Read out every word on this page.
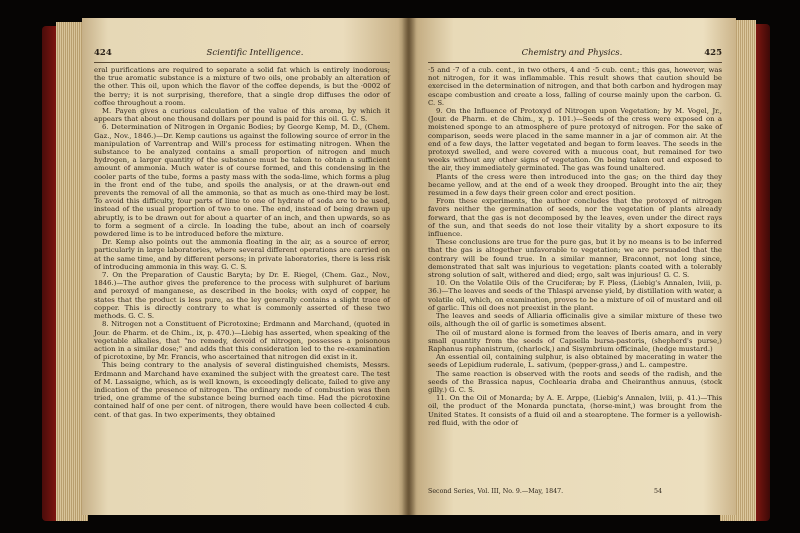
424	Scientific Intelligence.

eral purifications are required to separate a solid fat which is entirely inodorous; the true aromatic substance is a mixture of two oils, one probably an alteration of the other. This oil, upon which the flavor of the coffee depends, is but the ·0002 of the berry; it is not surprising, therefore, that a single drop diffuses the odor of coffee throughout a room.

M. Payen gives a curious calculation of the value of this aroma, by which it appears that about one thousand dollars per pound is paid for this oil. G. C. S.

6. Determination of Nitrogen in Organic Bodies; by George Kemp, M. D., (Chem. Gaz., Nov., 1846.)—Dr. Kemp cautions us against the following source of error in the manipulation of Varrentrap and Will's process for estimating nitrogen. When the substance to be analyzed contains a small proportion of nitrogen and much hydrogen, a larger quantity of the substance must be taken to obtain a sufficient amount of ammonia. Much water is of course formed, and this condensing in the cooler parts of the tube, forms a pasty mass with the soda-lime, which forms a plug in the front end of the tube, and spoils the analysis, or at the drawn-out end prevents the removal of all the ammonia, so that as much as one-third may be lost. To avoid this difficulty, four parts of lime to one of hydrate of soda are to be used, instead of the usual proportion of two to one. The end, instead of being drawn up abruptly, is to be drawn out for about a quarter of an inch, and then upwards, so as to form a segment of a circle. In loading the tube, about an inch of coarsely powdered lime is to be introduced before the mixture.

Dr. Kemp also points out the ammonia floating in the air, as a source of error, particularly in large laboratories, where several different operations are carried on at the same time, and by different persons; in private laboratories, there is less risk of introducing ammonia in this way. G. C. S.

7. On the Preparation of Caustic Baryta; by Dr. E. Riegel, (Chem. Gaz., Nov., 1846.)—The author gives the preference to the process with sulphuret of barium and peroxyd of manganese, as described in the books; with oxyd of copper, he states that the product is less pure, as the ley generally contains a slight trace of copper. This is directly contrary to what is commonly asserted of these two methods. G. C. S.

8. Nitrogen not a Constituent of Picrotoxine; Erdmann and Marchand, (quoted in Jour. de Pharm. et de Chim., ix, p. 470.)—Liebig has asserted, when speaking of the vegetable alkalies, that "no remedy, devoid of nitrogen, possesses a poisonous action in a similar dose;" and adds that this consideration led to the re-examination of picrotoxine, by Mr. Francis, who ascertained that nitrogen did exist in it.

This being contrary to the analysis of several distinguished chemists, Messrs. Erdmann and Marchand have examined the subject with the greatest care. The test of M. Lassaigne, which, as is well known, is exceedingly delicate, failed to give any indication of the presence of nitrogen. The ordinary mode of combustion was then tried, one gramme of the substance being burned each time. Had the picrotoxine contained half of one per cent. of nitrogen, there would have been collected 4 cub. cent. of that gas. In two experiments, they obtained

Chemistry and Physics.	425

·5 and ·7 of a cub. cent., in two others, 4 and ·5 cub. cent.; this gas, however, was not nitrogen, for it was inflammable. This result shows that caution should be exercised in the determination of nitrogen, and that both carbon and hydrogen may escape combustion and create a loss, falling of course mainly upon the carbon. G. C. S.

9. On the Influence of Protoxyd of Nitrogen upon Vegetation; by M. Vogel, Jr., (Jour. de Pharm. et de Chim., x, p. 101.)—Seeds of the cress were exposed on a moistened sponge to an atmosphere of pure protoxyd of nitrogen. For the sake of comparison, seeds were placed in the same manner in a jar of common air. At the end of a few days, the latter vegetated and began to form leaves. The seeds in the protoxyd swelled, and were covered with a mucous coat, but remained for two weeks without any other signs of vegetation. On being taken out and exposed to the air, they immediately germinated. The gas was found unaltered.

Plants of the cress were then introduced into the gas; on the third day they became yellow, and at the end of a week they drooped. Brought into the air, they resumed in a few days their green color and erect position.

From these experiments, the author concludes that the protoxyd of nitrogen favors neither the germination of seeds, nor the vegetation of plants already forward, that the gas is not decomposed by the leaves, even under the direct rays of the sun, and that seeds do not lose their vitality by a short exposure to its influence.

These conclusions are true for the pure gas, but it by no means is to be inferred that the gas is altogether unfavorable to vegetation; we are persuaded that the contrary will be found true. In a similar manner, Braconnot, not long since, demonstrated that salt was injurious to vegetation: plants coated with a tolerably strong solution of salt, withered and died; ergo, salt was injurious! G. C. S.

10. On the Volatile Oils of the Cruciferæ; by F. Pless, (Liebig's Annalen, lviii, p. 36.)—The leaves and seeds of the Thlaspi arvense yield, by distillation with water, a volatile oil, which, on examination, proves to be a mixture of oil of mustard and oil of garlic. This oil does not preexist in the plant.

The leaves and seeds of Alliaria officinalis give a similar mixture of these two oils, although the oil of garlic is sometimes absent.

The oil of mustard alone is formed from the leaves of Iberis amara, and in very small quantity from the seeds of Capsella bursa-pastoris, (shepherd's purse,) Raphanus raphanistrum, (charlock,) and Sisymbrium officinale, (hedge mustard.)

An essential oil, containing sulphur, is also obtained by macerating in water the seeds of Lepidium ruderale, L. sativum, (pepper-grass,) and L. campestre.

The same reaction is observed with the roots and seeds of the radish, and the seeds of the Brassica napus, Cochlearia draba and Cheiranthus annuus, (stock gilly.) G. C. S.

11. On the Oil of Monarda; by A. E. Arppe, (Liebig's Annalen, lviii, p. 41.)—This oil, the product of the Monarda punctata, (horse-mint,) was brought from the United States. It consists of a fluid oil and a stearoptene. The former is a yellowish-red fluid, with the odor of

Second Series, Vol. III, No. 9.—May, 1847.	54
